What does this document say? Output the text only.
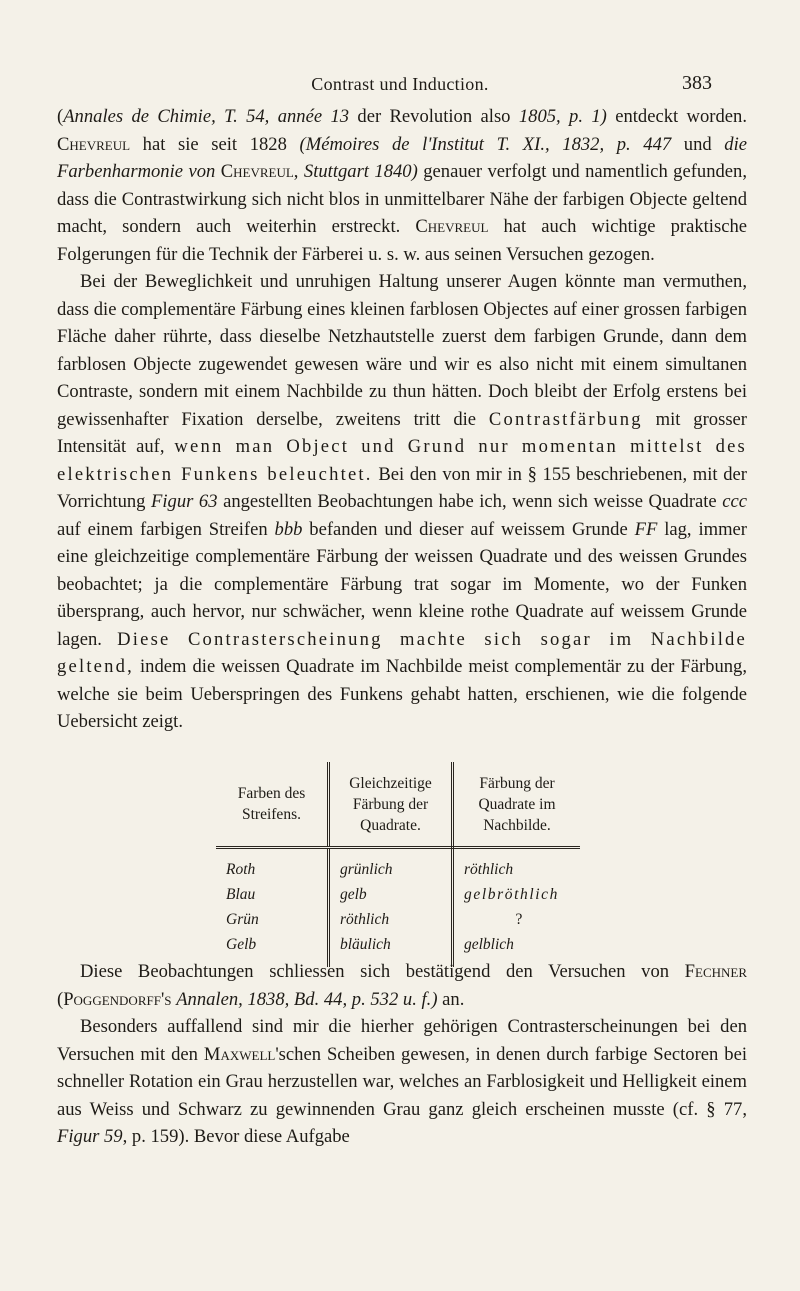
Contrast und Induction.	383

(Annales de Chimie, T. 54, année 13 der Revolution also 1805, p. 1) entdeckt worden. Chevreul hat sie seit 1828 (Mémoires de l'Institut T. XI., 1832, p. 447 und die Farbenharmonie von Chevreul, Stuttgart 1840) genauer verfolgt und namentlich gefunden, dass die Contrastwirkung sich nicht blos in unmittelbarer Nähe der farbigen Objecte geltend macht, sondern auch weiterhin erstreckt. Chevreul hat auch wichtige praktische Folgerungen für die Technik der Färberei u. s. w. aus seinen Versuchen gezogen.

Bei der Beweglichkeit und unruhigen Haltung unserer Augen könnte man vermuthen, dass die complementäre Färbung eines kleinen farblosen Objectes auf einer grossen farbigen Fläche daher rührte, dass dieselbe Netzhautstelle zuerst dem farbigen Grunde, dann dem farblosen Objecte zugewendet gewesen wäre und wir es also nicht mit einem simultanen Contraste, sondern mit einem Nachbilde zu thun hätten. Doch bleibt der Erfolg erstens bei gewissenhafter Fixation derselbe, zweitens tritt die Contrastfärbung mit grosser Intensität auf, wenn man Object und Grund nur momentan mittelst des elektrischen Funkens beleuchtet. Bei den von mir in § 155 beschriebenen, mit der Vorrichtung Figur 63 angestellten Beobachtungen habe ich, wenn sich weisse Quadrate ccc auf einem farbigen Streifen bbb befanden und dieser auf weissem Grunde FF lag, immer eine gleichzeitige complementäre Färbung der weissen Quadrate und des weissen Grundes beobachtet; ja die complementäre Färbung trat sogar im Momente, wo der Funken übersprang, auch hervor, nur schwächer, wenn kleine rothe Quadrate auf weissem Grunde lagen. Diese Contrasterscheinung machte sich sogar im Nachbilde geltend, indem die weissen Quadrate im Nachbilde meist complementär zu der Färbung, welche sie beim Ueberspringen des Funkens gehabt hatten, erschienen, wie die folgende Uebersicht zeigt.

Farben des Streifens.	Gleichzeitige Färbung der Quadrate.	Färbung der Quadrate im Nachbilde.
Roth	grünlich	röthlich
Blau	gelb	gelbröthlich
Grün	röthlich	?
Gelb	bläulich	gelblich

Diese Beobachtungen schliessen sich bestätigend den Versuchen von Fechner (Poggendorff's Annalen, 1838, Bd. 44, p. 532 u. f.) an.

Besonders auffallend sind mir die hierher gehörigen Contrasterscheinungen bei den Versuchen mit den Maxwell'schen Scheiben gewesen, in denen durch farbige Sectoren bei schneller Rotation ein Grau herzustellen war, welches an Farblosigkeit und Helligkeit einem aus Weiss und Schwarz zu gewinnenden Grau ganz gleich erscheinen musste (cf. § 77, Figur 59, p. 159). Bevor diese Aufgabe
